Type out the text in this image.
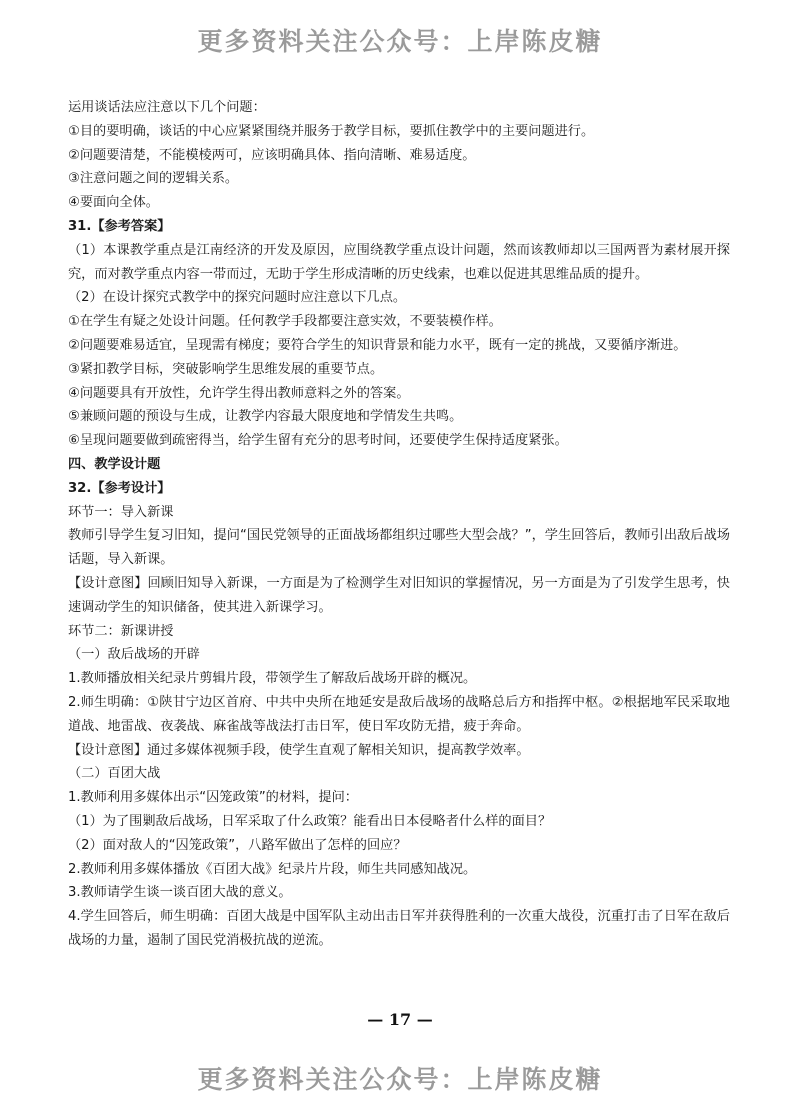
更多资料关注公众号：上岸陈皮糖
运用谈话法应注意以下几个问题：
①目的要明确，谈话的中心应紧紧围绕并服务于教学目标，要抓住教学中的主要问题进行。
②问题要清楚，不能模棱两可，应该明确具体、指向清晰、难易适度。
③注意问题之间的逻辑关系。
④要面向全体。
31.【参考答案】
（1）本课教学重点是江南经济的开发及原因，应围绕教学重点设计问题，然而该教师却以三国两晋为素材展开探究，而对教学重点内容一带而过，无助于学生形成清晰的历史线索，也难以促进其思维品质的提升。
（2）在设计探究式教学中的探究问题时应注意以下几点。
①在学生有疑之处设计问题。任何教学手段都要注意实效，不要装模作样。
②问题要难易适宜，呈现需有梯度；要符合学生的知识背景和能力水平，既有一定的挑战，又要循序渐进。
③紧扣教学目标，突破影响学生思维发展的重要节点。
④问题要具有开放性，允许学生得出教师意料之外的答案。
⑤兼顾问题的预设与生成，让教学内容最大限度地和学情发生共鸣。
⑥呈现问题要做到疏密得当，给学生留有充分的思考时间，还要使学生保持适度紧张。
四、教学设计题
32.【参考设计】
环节一：导入新课
教师引导学生复习旧知，提问“国民党领导的正面战场都组织过哪些大型会战？”，学生回答后，教师引出敌后战场话题，导入新课。
【设计意图】回顾旧知导入新课，一方面是为了检测学生对旧知识的掌握情况，另一方面是为了引发学生思考，快速调动学生的知识储备，使其进入新课学习。
环节二：新课讲授
（一）敌后战场的开辟
1.教师播放相关纪录片剪辑片段，带领学生了解敌后战场开辟的概况。
2.师生明确：①陕甘宁边区首府、中共中央所在地延安是敌后战场的战略总后方和指挥中枢。②根据地军民采取地道战、地雷战、夜袭战、麻雀战等战法打击日军，使日军攻防无措，疲于奔命。
【设计意图】通过多媒体视频手段，使学生直观了解相关知识，提高教学效率。
（二）百团大战
1.教师利用多媒体出示“囚笼政策”的材料，提问：
（1）为了围剿敌后战场，日军采取了什么政策？能看出日本侵略者什么样的面目？
（2）面对敌人的“囚笼政策”，八路军做出了怎样的回应？
2.教师利用多媒体播放《百团大战》纪录片片段，师生共同感知战况。
3.教师请学生谈一谈百团大战的意义。
4.学生回答后，师生明确：百团大战是中国军队主动出击日军并获得胜利的一次重大战役，沉重打击了日军在敌后战场的力量，遏制了国民党消极抗战的逆流。
— 17 —
更多资料关注公众号：上岸陈皮糖
